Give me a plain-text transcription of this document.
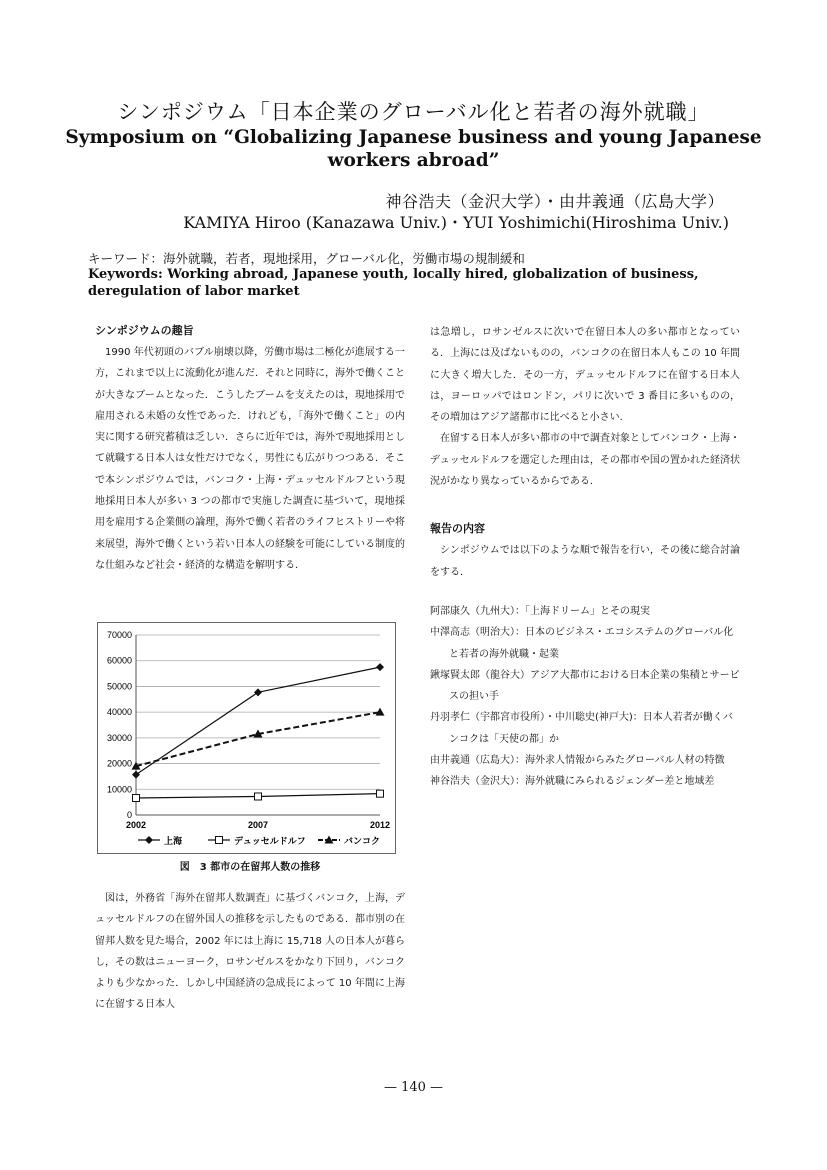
シンポジウム「日本企業のグローバル化と若者の海外就職」
Symposium on “Globalizing Japanese business and young Japanese
workers abroad”
神谷浩夫（金沢大学）・由井義通（広島大学）
KAMIYA Hiroo (Kanazawa Univ.)・YUI Yoshimichi(Hiroshima Univ.)
キーワード：海外就職，若者，現地採用，グローバル化，労働市場の規制緩和
Keywords: Working abroad, Japanese youth, locally hired, globalization of business, deregulation of labor market
シンポジウムの趣旨
1990 年代初頭のバブル崩壊以降，労働市場は二極化が進展する一方，これまで以上に流動化が進んだ．それと同時に，海外で働くことが大きなブームとなった．こうしたブームを支えたのは，現地採用で雇用される未婚の女性であった．けれども，「海外で働くこと」の内実に関する研究蓄積は乏しい．さらに近年では，海外で現地採用として就職する日本人は女性だけでなく，男性にも広がりつつある．そこで本シンポジウムでは，バンコク・上海・デュッセルドルフという現地採用日本人が多い 3 つの都市で実施した調査に基づいて，現地採用を雇用する企業側の論理，海外で働く若者のライフヒストリーや将来展望，海外で働くという若い日本人の経験を可能にしている制度的な仕組みなど社会・経済的な構造を解明する．
0
10000
20000
30000
40000
50000
60000
70000
2002	2007	2012
上海	デュッセルドルフ	バンコク
図　3 都市の在留邦人数の推移
図は，外務省「海外在留邦人数調査」に基づくバンコク，上海，デュッセルドルフの在留外国人の推移を示したものである．都市別の在留邦人数を見た場合，2002 年には上海に 15,718 人の日本人が暮らし，その数はニューヨーク，ロサンゼルスをかなり下回り，バンコクよりも少なかった．しかし中国経済の急成長によって 10 年間に上海に在留する日本人
は急増し，ロサンゼルスに次いで在留日本人の多い都市となっている．上海には及ばないものの，バンコクの在留日本人もこの 10 年間に大きく増大した．その一方，デュッセルドルフに在留する日本人は，ヨーロッパではロンドン，パリに次いで 3 番目に多いものの，その増加はアジア諸都市に比べると小さい．
在留する日本人が多い都市の中で調査対象としてバンコク・上海・デュッセルドルフを選定した理由は，その都市や国の置かれた経済状況がかなり異なっているからである．
報告の内容
シンポジウムでは以下のような順で報告を行い，その後に総合討論をする．
阿部康久（九州大）：「上海ドリーム」とその現実
中澤高志（明治大）：日本のビジネス・エコシステムのグローバル化と若者の海外就職・起業
鍬塚賢太郎（龍谷大）アジア大都市における日本企業の集積とサービスの担い手
丹羽孝仁（宇都宮市役所）・中川聡史(神戸大)：日本人若者が働くバンコクは「天使の都」か
由井義通（広島大）：海外求人情報からみたグローバル人材の特徴
神谷浩夫（金沢大）：海外就職にみられるジェンダー差と地域差
— 140 —
